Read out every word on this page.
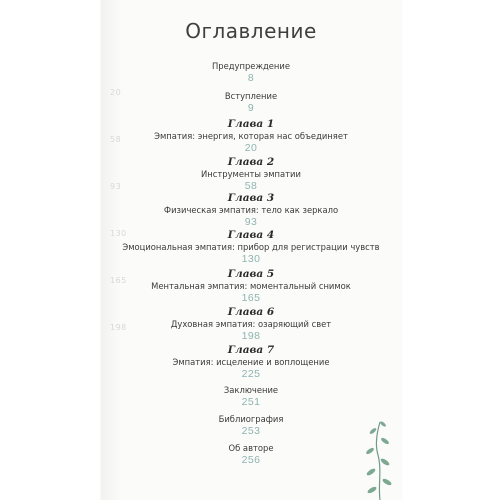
20
58
93
130
165
198
Оглавление
Предупреждение
8
Вступление
9
Глава 1
Эмпатия: энергия, которая нас объединяет
20
Глава 2
Инструменты эмпатии
58
Глава 3
Физическая эмпатия: тело как зеркало
93
Глава 4
Эмоциональная эмпатия: прибор для регистрации чувств
130
Глава 5
Ментальная эмпатия: моментальный снимок
165
Глава 6
Духовная эмпатия: озаряющий свет
198
Глава 7
Эмпатия: исцеление и воплощение
225
Заключение
251
Библиография
253
Об авторе
256
